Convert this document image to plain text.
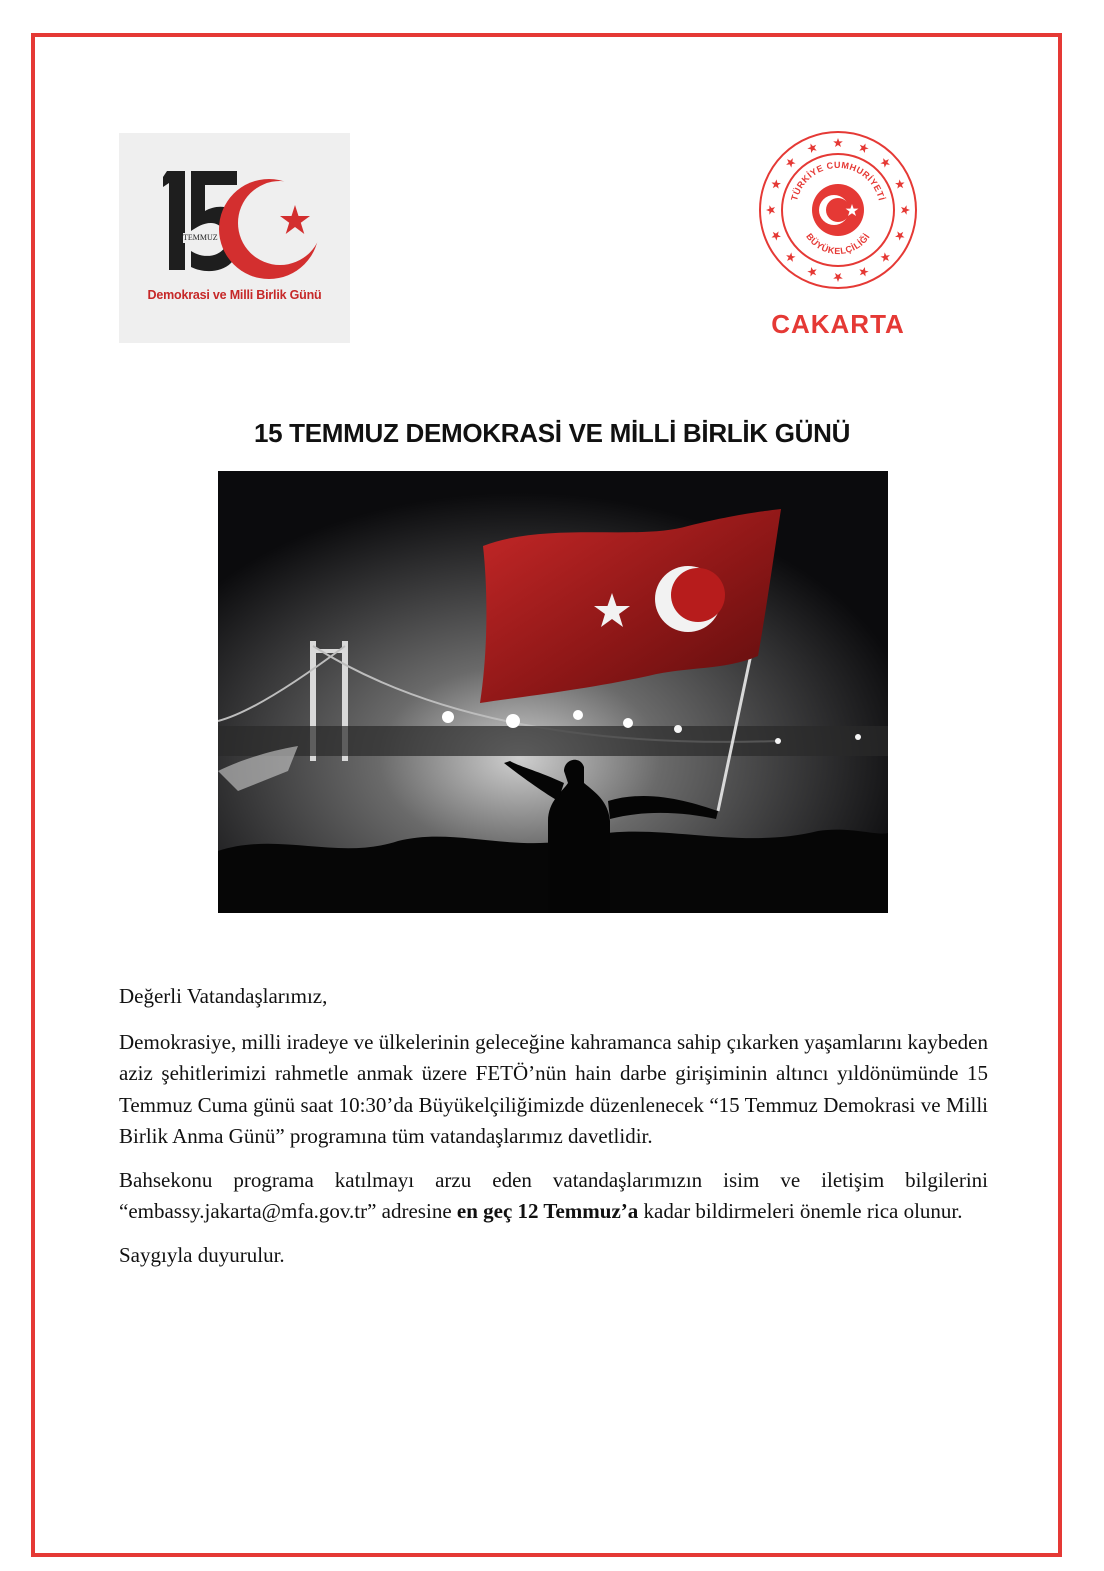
TEMMUZ
Demokrasi ve Milli Birlik Günü
TÜRKİYE CUMHURİYETİ
BÜYÜKELÇİLİĞİ
CAKARTA
15 TEMMUZ DEMOKRASİ VE MİLLİ BİRLİK GÜNÜ

Değerli Vatandaşlarımız,

Demokrasiye, milli iradeye ve ülkelerinin geleceğine kahramanca sahip çıkarken yaşamlarını kaybeden aziz şehitlerimizi rahmetle anmak üzere FETÖ’nün hain darbe girişiminin altıncı yıldönümünde 15 Temmuz Cuma günü saat 10:30’da Büyükelçiliğimizde düzenlenecek “15 Temmuz Demokrasi ve Milli Birlik Anma Günü” programına tüm vatandaşlarımız davetlidir.

Bahsekonu programa katılmayı arzu eden vatandaşlarımızın isim ve iletişim bilgilerini “embassy.jakarta@mfa.gov.tr” adresine en geç 12 Temmuz’a kadar bildirmeleri önemle rica olunur.

Saygıyla duyurulur.
